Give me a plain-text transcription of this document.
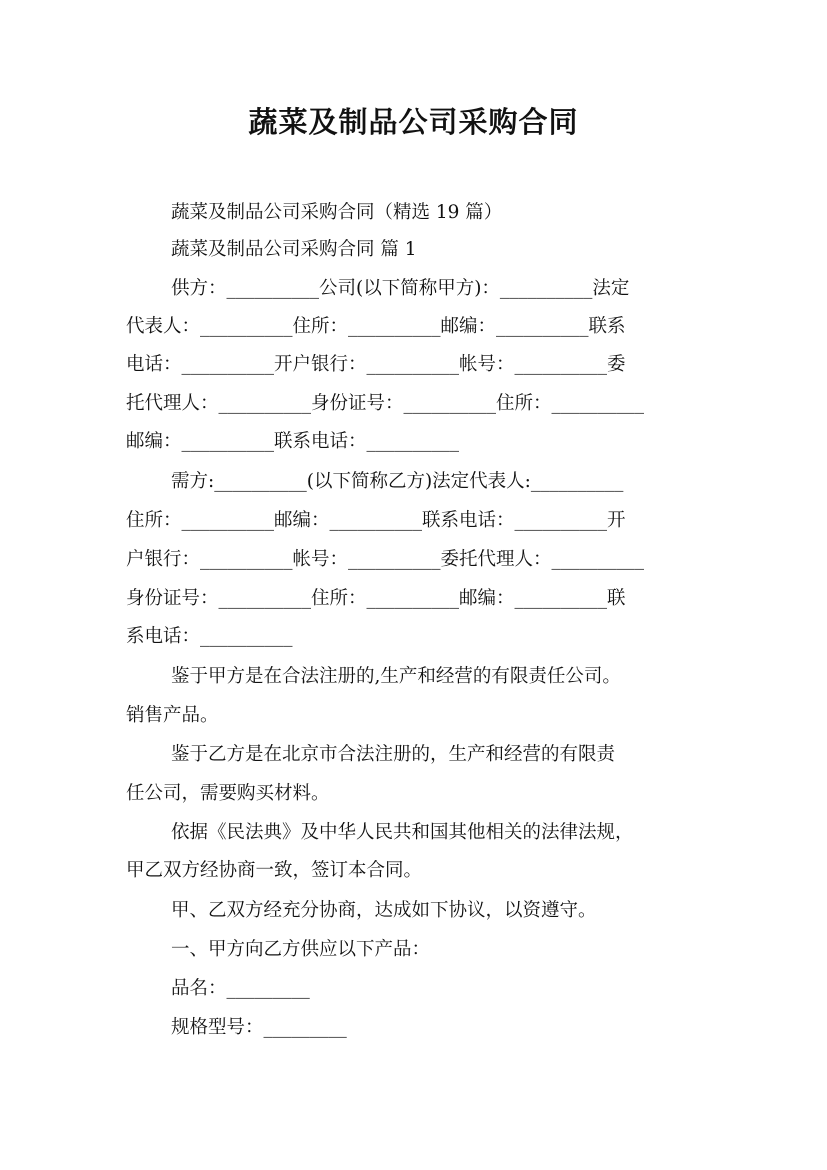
蔬菜及制品公司采购合同
蔬菜及制品公司采购合同（精选 19 篇）
蔬菜及制品公司采购合同 篇 1
供方：__________公司(以下简称甲方)：__________法定
代表人：__________住所：__________邮编：__________联系
电话：__________开户银行：__________帐号：__________委
托代理人：__________身份证号：__________住所：__________
邮编：__________联系电话：__________
需方:__________(以下简称乙方)法定代表人:__________
住所：__________邮编：__________联系电话：__________开
户银行：__________帐号：__________委托代理人：__________
身份证号：__________住所：__________邮编：__________联
系电话：__________
鉴于甲方是在合法注册的,生产和经营的有限责任公司。
销售产品。
鉴于乙方是在北京市合法注册的，生产和经营的有限责
任公司，需要购买材料。
依据《民法典》及中华人民共和国其他相关的法律法规，
甲乙双方经协商一致，签订本合同。
甲、乙双方经充分协商，达成如下协议，以资遵守。
一、甲方向乙方供应以下产品：
品名：_________
规格型号：_________
